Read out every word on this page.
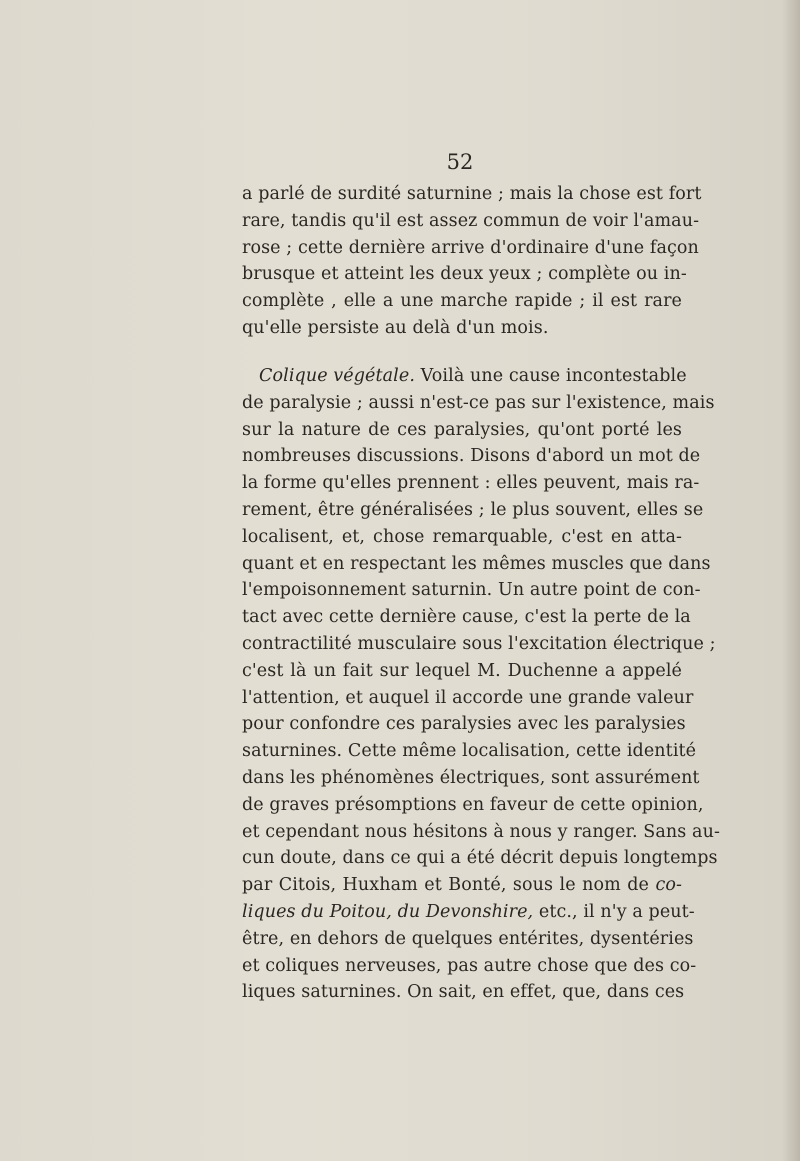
52
a parlé de surdité saturnine ; mais la chose est fort
rare, tandis qu'il est assez commun de voir l'amau-
rose ; cette dernière arrive d'ordinaire d'une façon
brusque et atteint les deux yeux ; complète ou in-
complète , elle a une marche rapide ; il est rare
qu'elle persiste au delà d'un mois.
Colique végétale. Voilà une cause incontestable
de paralysie ; aussi n'est-ce pas sur l'existence, mais
sur la nature de ces paralysies, qu'ont porté les
nombreuses discussions. Disons d'abord un mot de
la forme qu'elles prennent : elles peuvent, mais ra-
rement, être généralisées ; le plus souvent, elles se
localisent, et, chose remarquable, c'est en atta-
quant et en respectant les mêmes muscles que dans
l'empoisonnement saturnin. Un autre point de con-
tact avec cette dernière cause, c'est la perte de la
contractilité musculaire sous l'excitation électrique ;
c'est là un fait sur lequel M. Duchenne a appelé
l'attention, et auquel il accorde une grande valeur
pour confondre ces paralysies avec les paralysies
saturnines. Cette même localisation, cette identité
dans les phénomènes électriques, sont assurément
de graves présomptions en faveur de cette opinion,
et cependant nous hésitons à nous y ranger. Sans au-
cun doute, dans ce qui a été décrit depuis longtemps
par Citois, Huxham et Bonté, sous le nom de co-
liques du Poitou, du Devonshire, etc., il n'y a peut-
être, en dehors de quelques entérites, dysentéries
et coliques nerveuses, pas autre chose que des co-
liques saturnines. On sait, en effet, que, dans ces
